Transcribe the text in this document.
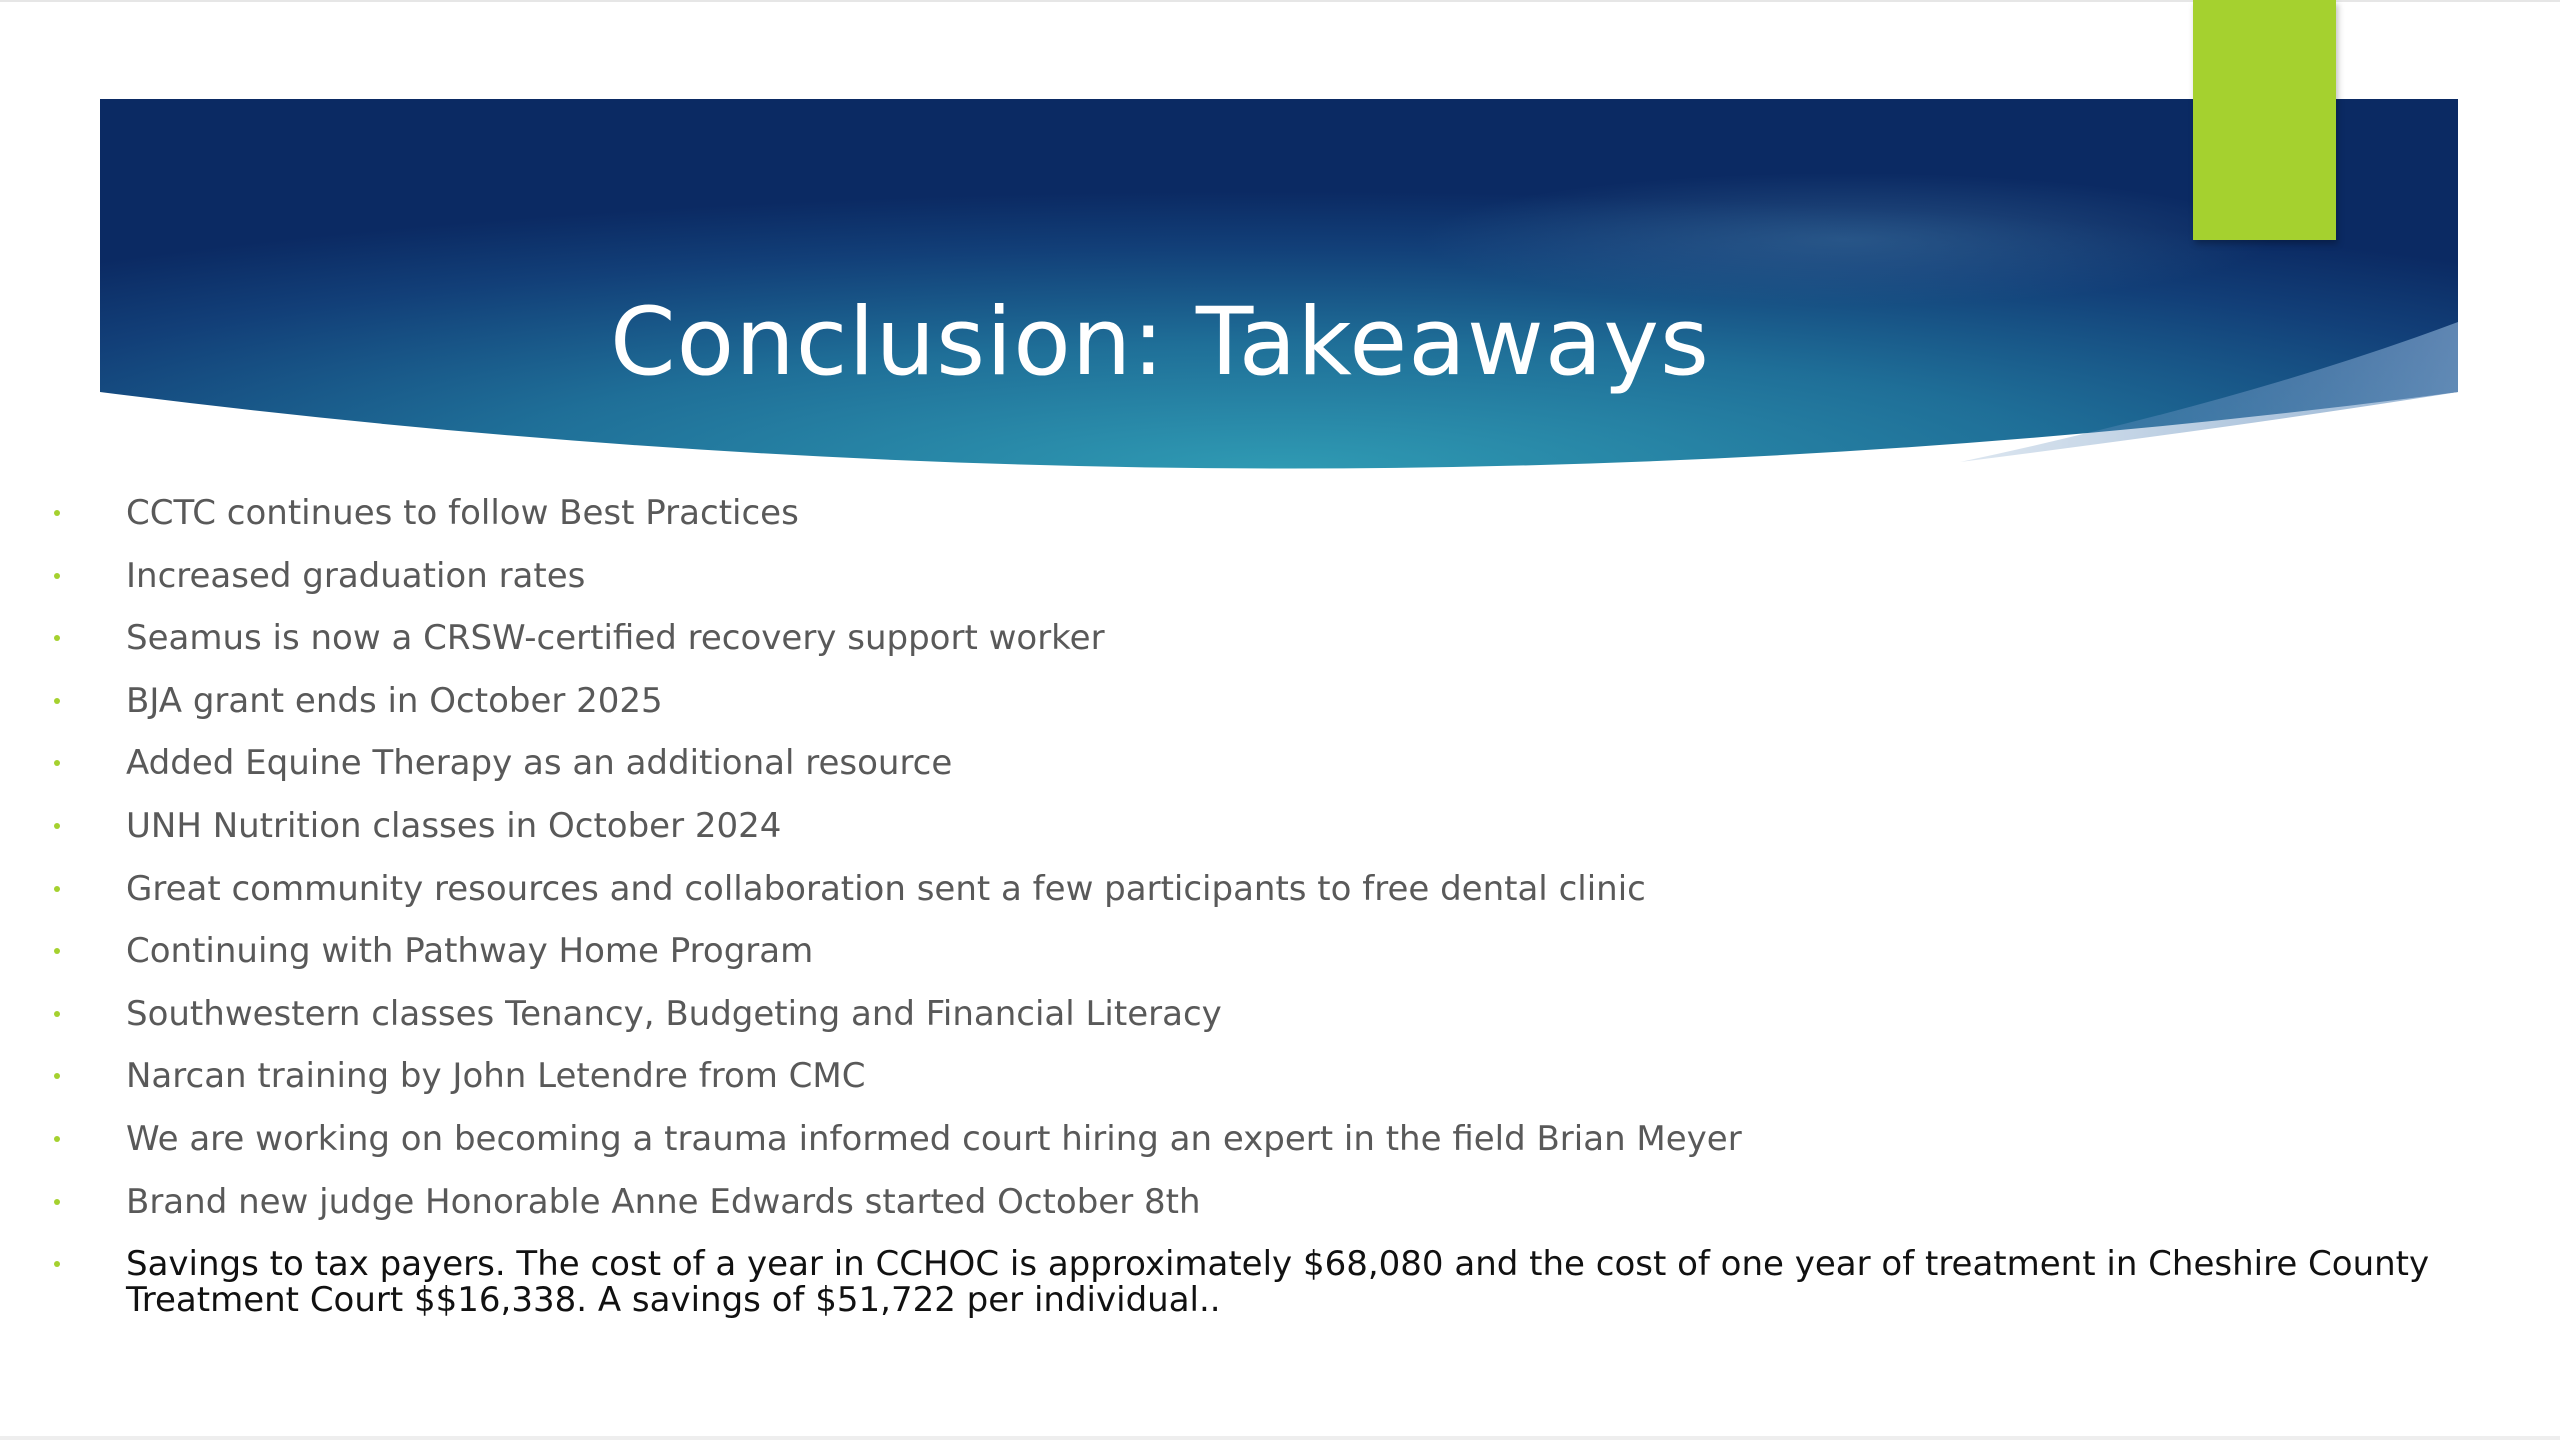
Conclusion: Takeaways
CCTC continues to follow Best Practices
Increased graduation rates
Seamus is now a CRSW-certified recovery support worker
BJA grant ends in October 2025
Added Equine Therapy as an additional resource
UNH Nutrition classes in October 2024
Great community resources and collaboration sent a few participants to free dental clinic
Continuing with Pathway Home Program
Southwestern classes Tenancy, Budgeting and Financial Literacy
Narcan training by John Letendre from CMC
We are working on becoming a trauma informed court hiring an expert in the field Brian Meyer
Brand new judge Honorable Anne Edwards started October 8th
Savings to tax payers. The cost of a year in CCHOC is approximately $68,080 and the cost of one year of treatment in Cheshire County Treatment Court $$16,338. A savings of $51,722 per individual..
